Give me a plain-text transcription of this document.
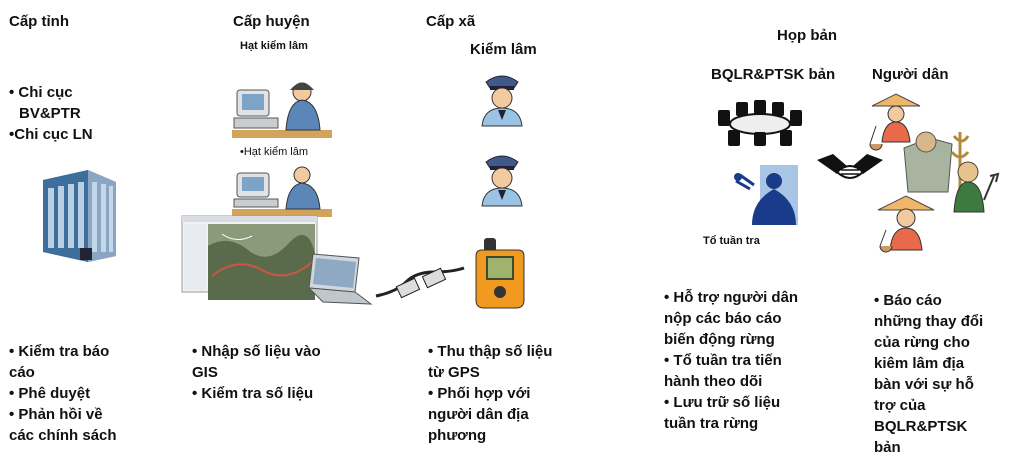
Cấp tỉnh	Cấp huyện	Cấp xã
Họp bản
• Chi cục
BV&PTR
•Chi cục LN
• Kiểm tra báo
cáo
• Phê duyệt
• Phản hồi về
các chính sách
Hạt kiểm lâm
•Hạt kiểm lâm
• Nhập số liệu vào
GIS
• Kiểm tra số liệu
Kiểm lâm
• Thu thập số liệu
từ GPS
• Phối hợp với
người dân địa
phương
BQLR&PTSK bản Người dân
Tổ tuần tra
• Hỗ trợ người dân
nộp các báo cáo
biến động rừng
• Tổ tuần tra tiến
hành theo dõi
• Lưu trữ số liệu
tuần tra rừng
• Báo cáo
những thay đổi
của rừng cho
kiêm lâm địa
bàn với sự hỗ
trợ của
BQLR&PTSK
bản
